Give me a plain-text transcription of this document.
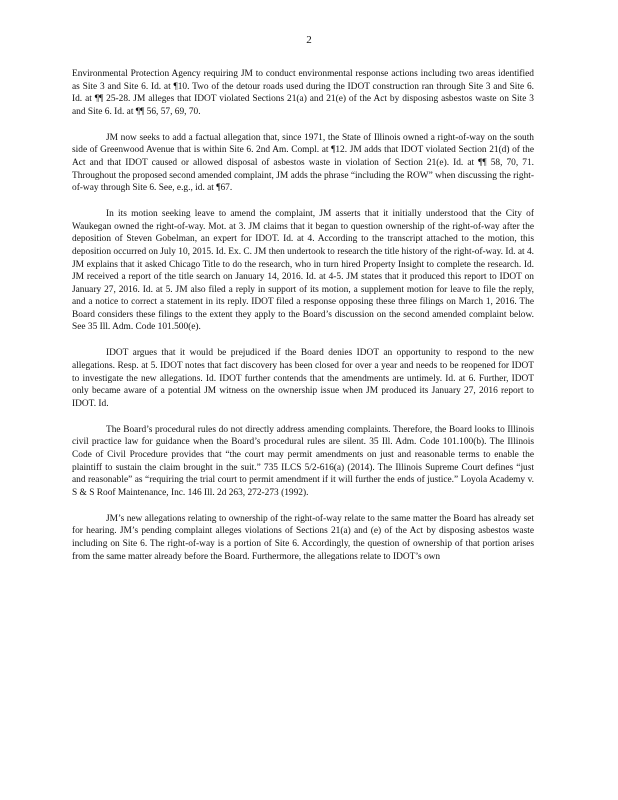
2

Environmental Protection Agency requiring JM to conduct environmental response actions including two areas identified as Site 3 and Site 6. Id. at ¶10. Two of the detour roads used during the IDOT construction ran through Site 3 and Site 6. Id. at ¶¶ 25-28. JM alleges that IDOT violated Sections 21(a) and 21(e) of the Act by disposing asbestos waste on Site 3 and Site 6. Id. at ¶¶ 56, 57, 69, 70.

JM now seeks to add a factual allegation that, since 1971, the State of Illinois owned a right-of-way on the south side of Greenwood Avenue that is within Site 6. 2nd Am. Compl. at ¶12. JM adds that IDOT violated Section 21(d) of the Act and that IDOT caused or allowed disposal of asbestos waste in violation of Section 21(e). Id. at ¶¶ 58, 70, 71. Throughout the proposed second amended complaint, JM adds the phrase “including the ROW” when discussing the right-of-way through Site 6. See, e.g., id. at ¶67.

In its motion seeking leave to amend the complaint, JM asserts that it initially understood that the City of Waukegan owned the right-of-way. Mot. at 3. JM claims that it began to question ownership of the right-of-way after the deposition of Steven Gobelman, an expert for IDOT. Id. at 4. According to the transcript attached to the motion, this deposition occurred on July 10, 2015. Id. Ex. C. JM then undertook to research the title history of the right-of-way. Id. at 4. JM explains that it asked Chicago Title to do the research, who in turn hired Property Insight to complete the research. Id. JM received a report of the title search on January 14, 2016. Id. at 4-5. JM states that it produced this report to IDOT on January 27, 2016. Id. at 5. JM also filed a reply in support of its motion, a supplement motion for leave to file the reply, and a notice to correct a statement in its reply. IDOT filed a response opposing these three filings on March 1, 2016. The Board considers these filings to the extent they apply to the Board’s discussion on the second amended complaint below. See 35 Ill. Adm. Code 101.500(e).

IDOT argues that it would be prejudiced if the Board denies IDOT an opportunity to respond to the new allegations. Resp. at 5. IDOT notes that fact discovery has been closed for over a year and needs to be reopened for IDOT to investigate the new allegations. Id. IDOT further contends that the amendments are untimely. Id. at 6. Further, IDOT only became aware of a potential JM witness on the ownership issue when JM produced its January 27, 2016 report to IDOT. Id.

The Board’s procedural rules do not directly address amending complaints. Therefore, the Board looks to Illinois civil practice law for guidance when the Board’s procedural rules are silent. 35 Ill. Adm. Code 101.100(b). The Illinois Code of Civil Procedure provides that “the court may permit amendments on just and reasonable terms to enable the plaintiff to sustain the claim brought in the suit.” 735 ILCS 5/2-616(a) (2014). The Illinois Supreme Court defines “just and reasonable” as “requiring the trial court to permit amendment if it will further the ends of justice.” Loyola Academy v. S & S Roof Maintenance, Inc. 146 Ill. 2d 263, 272-273 (1992).

JM’s new allegations relating to ownership of the right-of-way relate to the same matter the Board has already set for hearing. JM’s pending complaint alleges violations of Sections 21(a) and (e) of the Act by disposing asbestos waste including on Site 6. The right-of-way is a portion of Site 6. Accordingly, the question of ownership of that portion arises from the same matter already before the Board. Furthermore, the allegations relate to IDOT’s own
